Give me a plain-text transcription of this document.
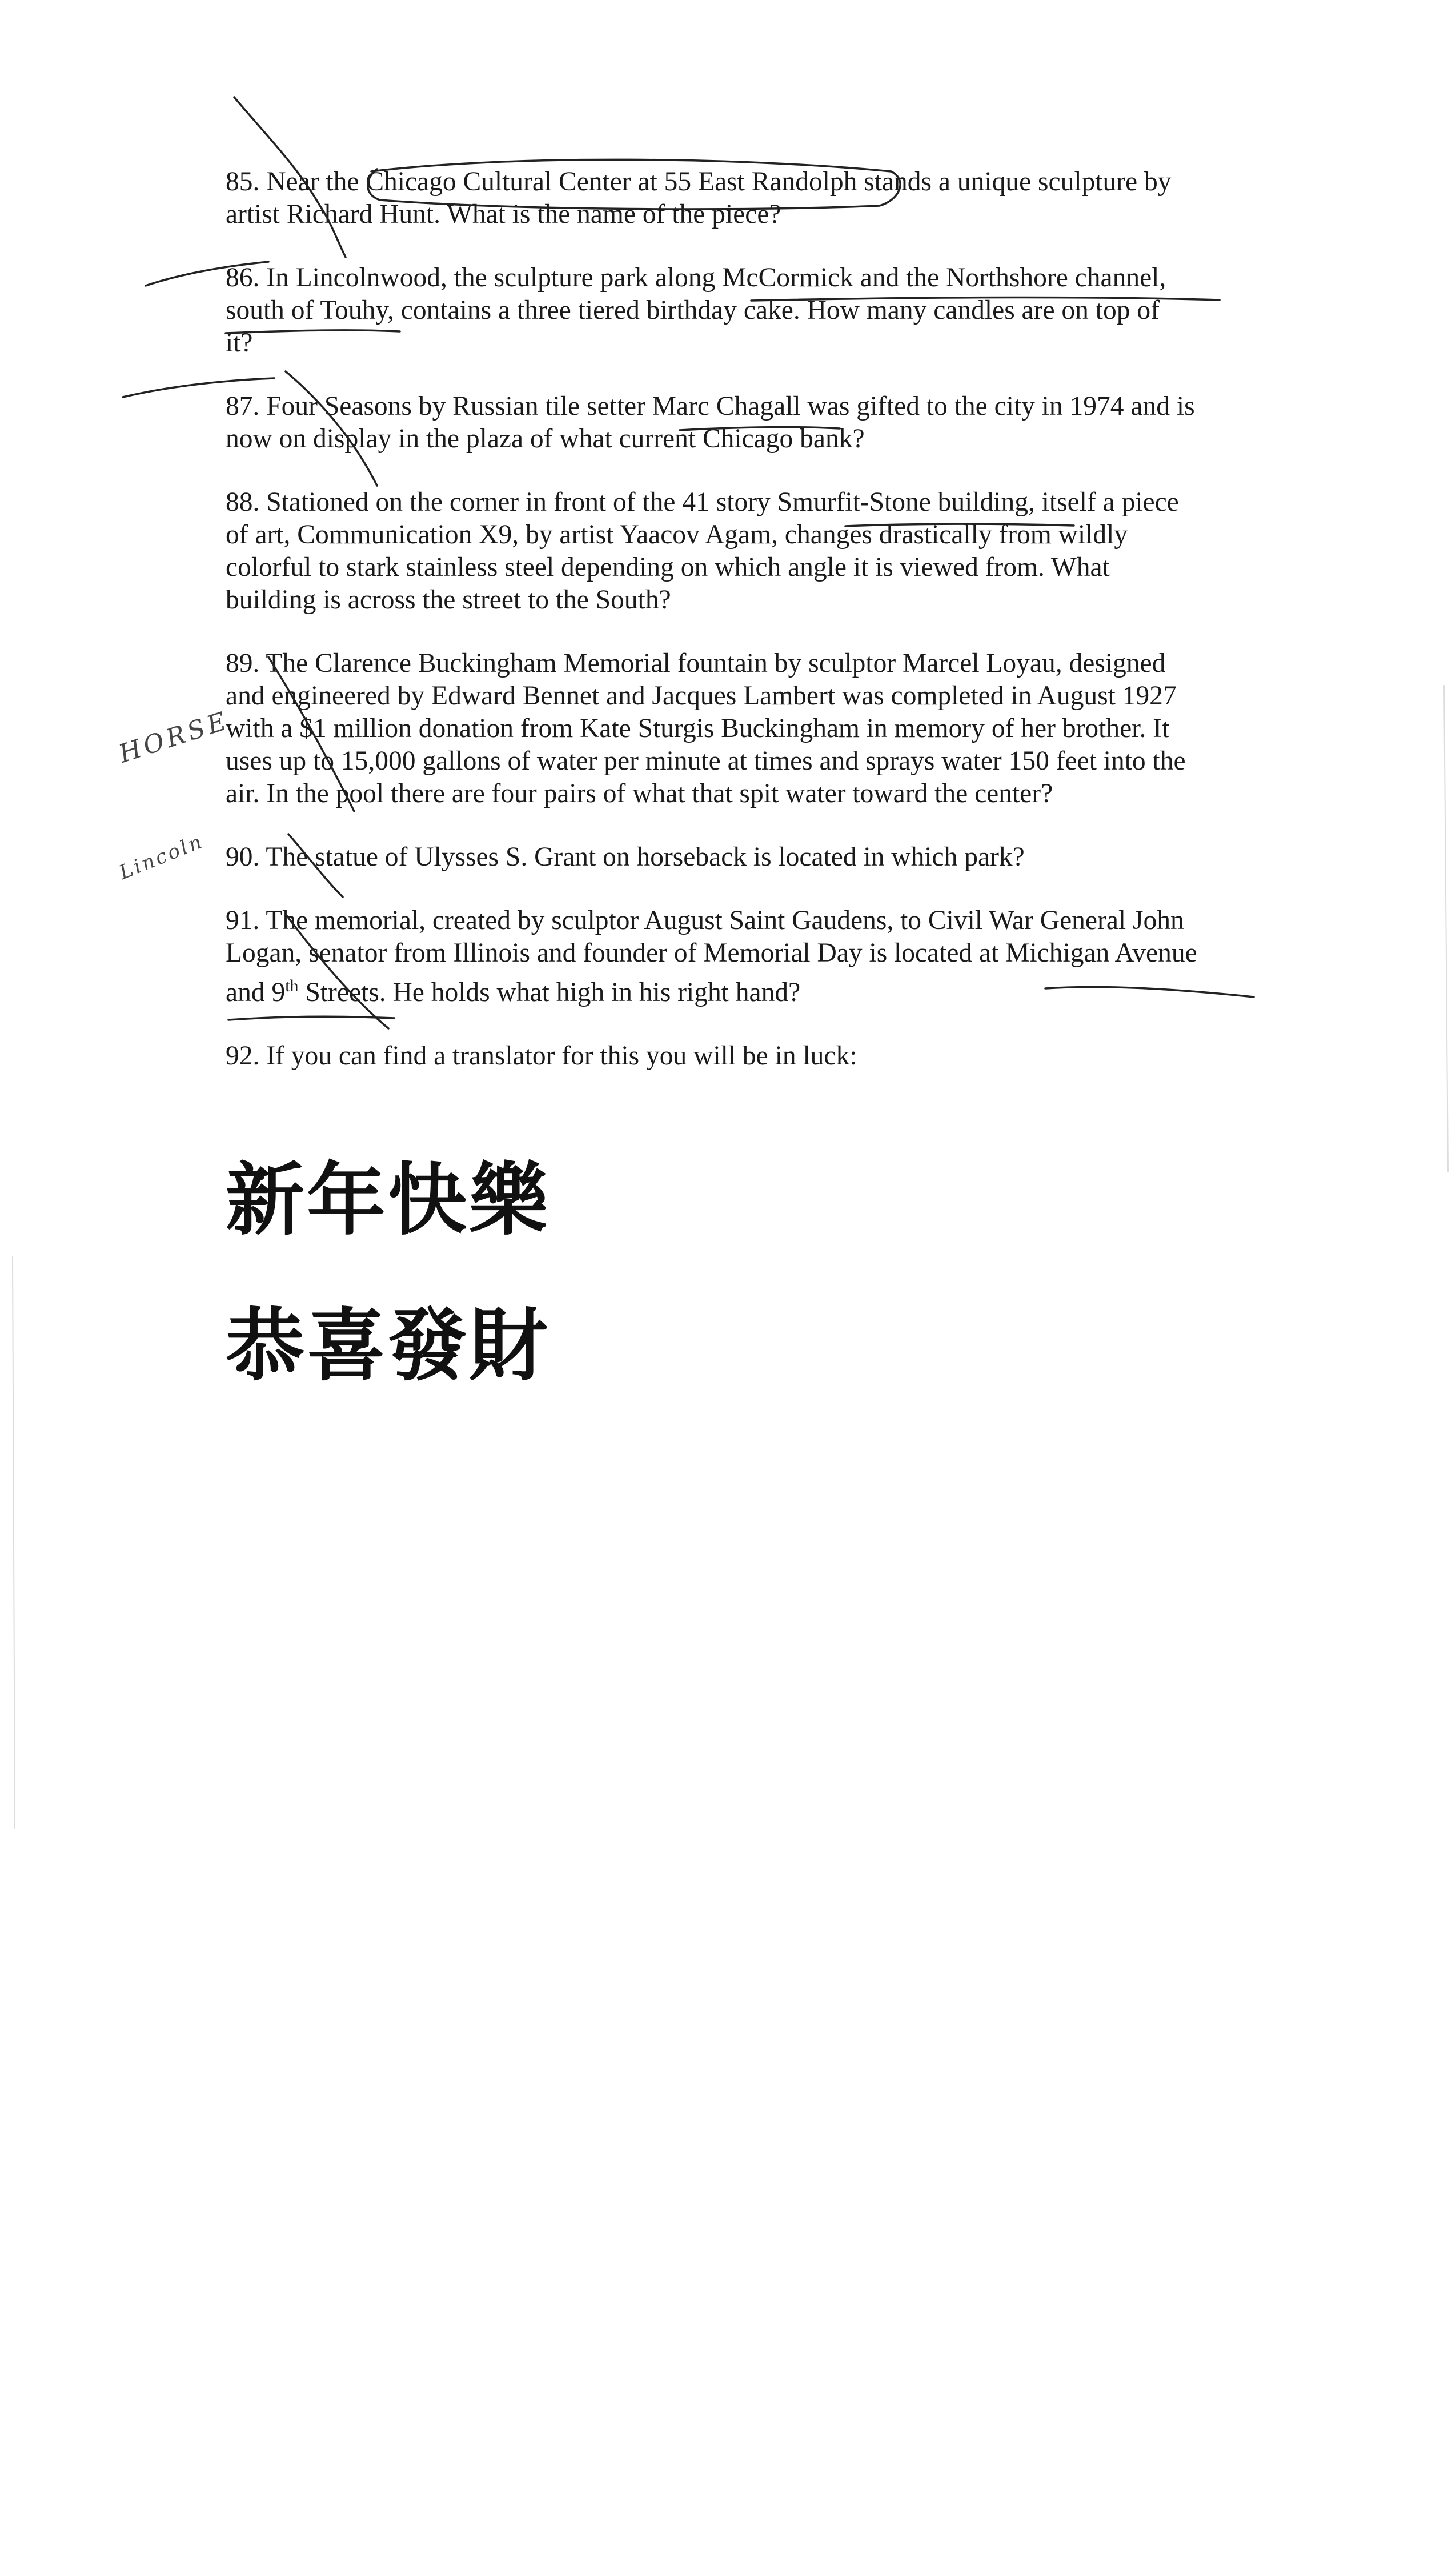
85. Near the Chicago Cultural Center at 55 East Randolph stands a unique sculpture by
artist Richard Hunt. What is the name of the piece?
86. In Lincolnwood, the sculpture park along McCormick and the Northshore channel,
south of Touhy, contains a three tiered birthday cake. How many candles are on top of
it?
87. Four Seasons by Russian tile setter Marc Chagall was gifted to the city in 1974 and is
now on display in the plaza of what current Chicago bank?
88. Stationed on the corner in front of the 41 story Smurfit-Stone building, itself a piece
of art, Communication X9, by artist Yaacov Agam, changes drastically from wildly
colorful to stark stainless steel depending on which angle it is viewed from. What
building is across the street to the South?
89. The Clarence Buckingham Memorial fountain by sculptor Marcel Loyau, designed
and engineered by Edward Bennet and Jacques Lambert was completed in August 1927
with a $1 million donation from Kate Sturgis Buckingham in memory of her brother. It
uses up to 15,000 gallons of water per minute at times and sprays water 150 feet into the
air. In the pool there are four pairs of what that spit water toward the center?
90. The statue of Ulysses S. Grant on horseback is located in which park?
91. The memorial, created by sculptor August Saint Gaudens, to Civil War General John
Logan, senator from Illinois and founder of Memorial Day is located at Michigan Avenue
and 9th Streets. He holds what high in his right hand?
92. If you can find a translator for this you will be in luck:
新年快樂
恭喜發財
HORSE
Lincoln
